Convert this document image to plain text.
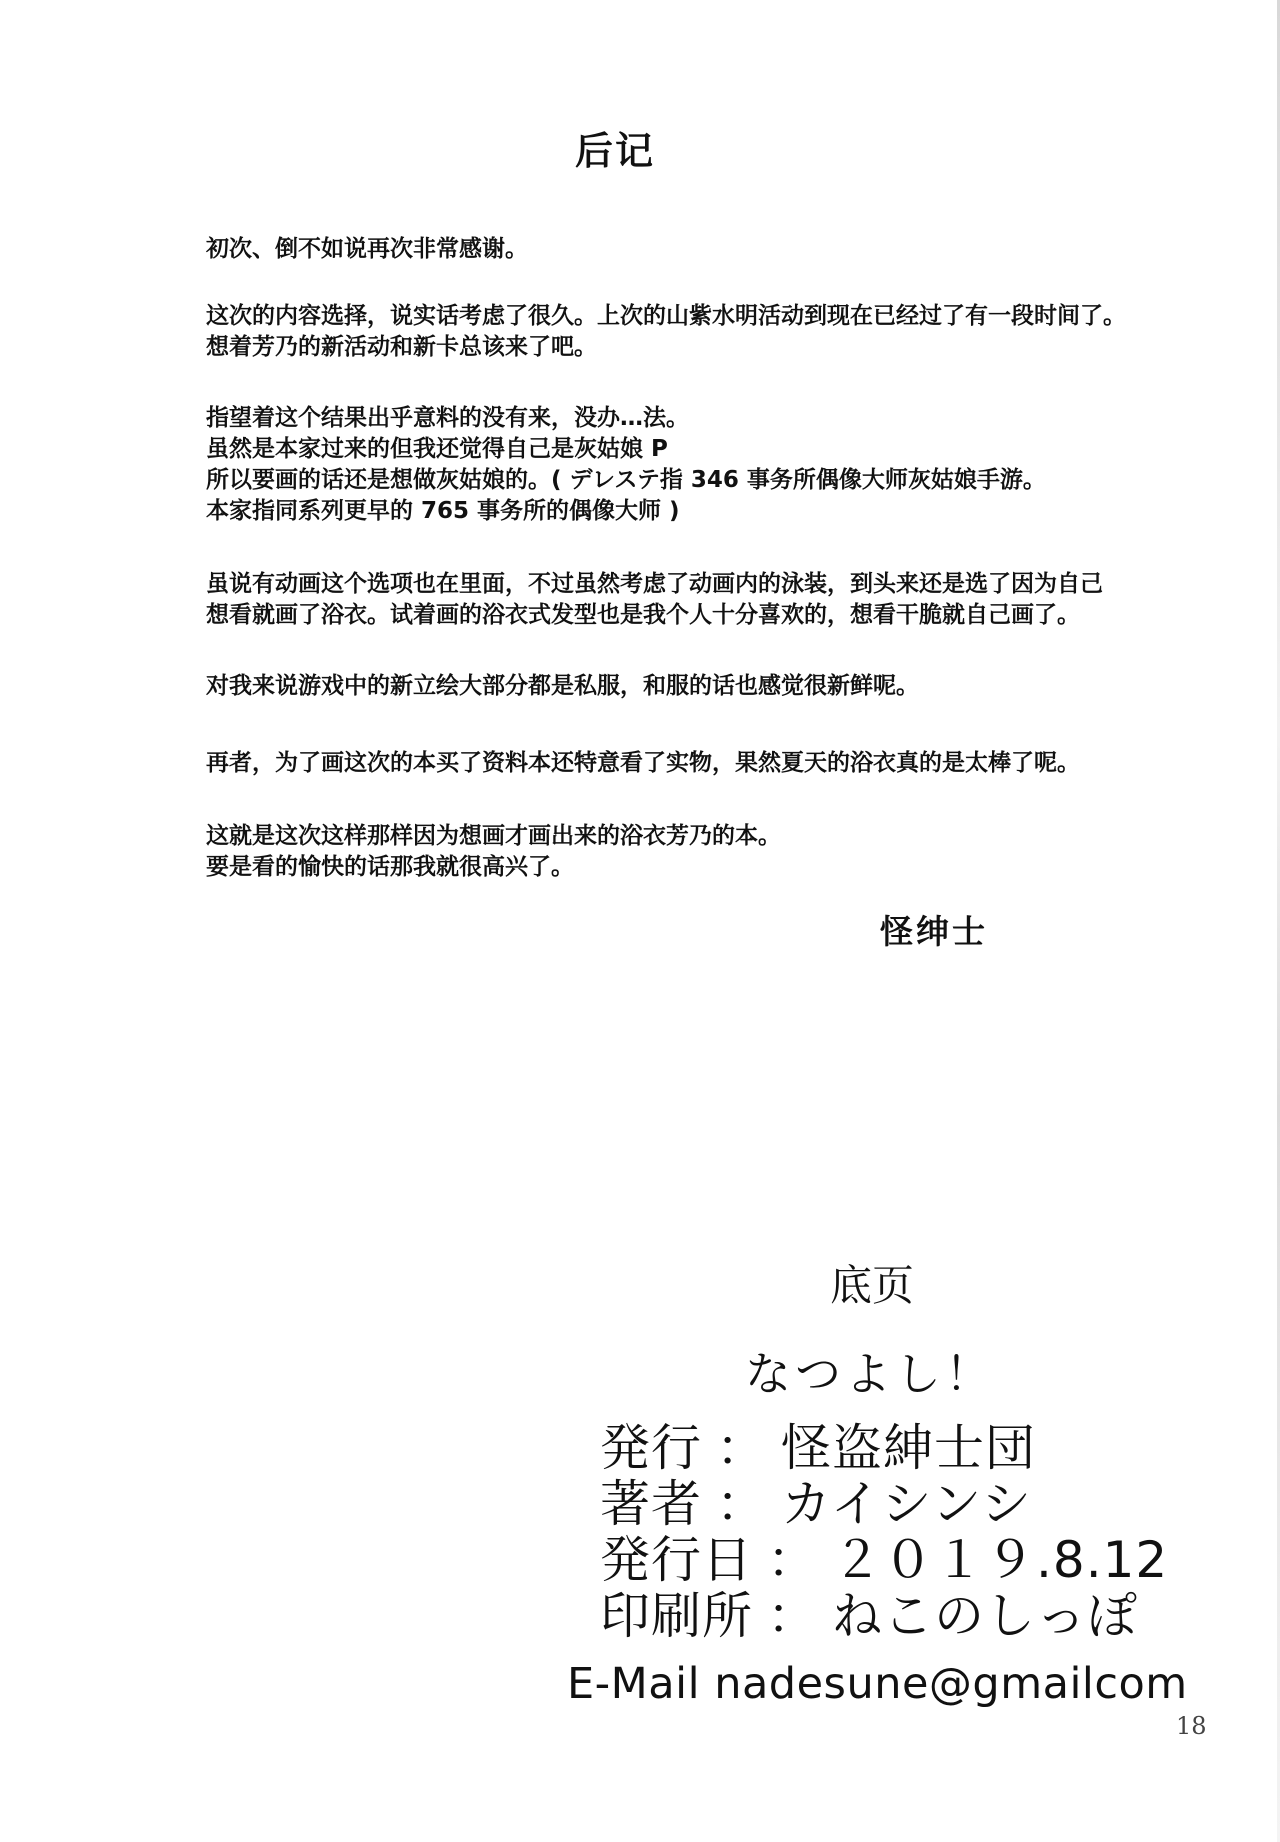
后记
初次、倒不如说再次非常感谢。
这次的内容选择，说实话考虑了很久。上次的山紫水明活动到现在已经过了有一段时间了。
想着芳乃的新活动和新卡总该来了吧。
指望着这个结果出乎意料的没有来，没办…法。
虽然是本家过来的但我还觉得自己是灰姑娘 P
所以要画的话还是想做灰姑娘的。( デレステ指 346 事务所偶像大师灰姑娘手游。
本家指同系列更早的 765 事务所的偶像大师 )
虽说有动画这个选项也在里面，不过虽然考虑了动画内的泳装，到头来还是选了因为自己
想看就画了浴衣。试着画的浴衣式发型也是我个人十分喜欢的，想看干脆就自己画了。
对我来说游戏中的新立绘大部分都是私服，和服的话也感觉很新鲜呢。
再者，为了画这次的本买了资料本还特意看了实物，果然夏天的浴衣真的是太棒了呢。
这就是这次这样那样因为想画才画出来的浴衣芳乃的本。
要是看的愉快的话那我就很高兴了。
怪绅士
底页
なつよし！
発行 ： 怪盗紳士団
著者 ： カイシンシ
発行日 ： ２０１９.8.12
印刷所 ： ねこのしっぽ
E-Mail nadesune@gmailcom
18
